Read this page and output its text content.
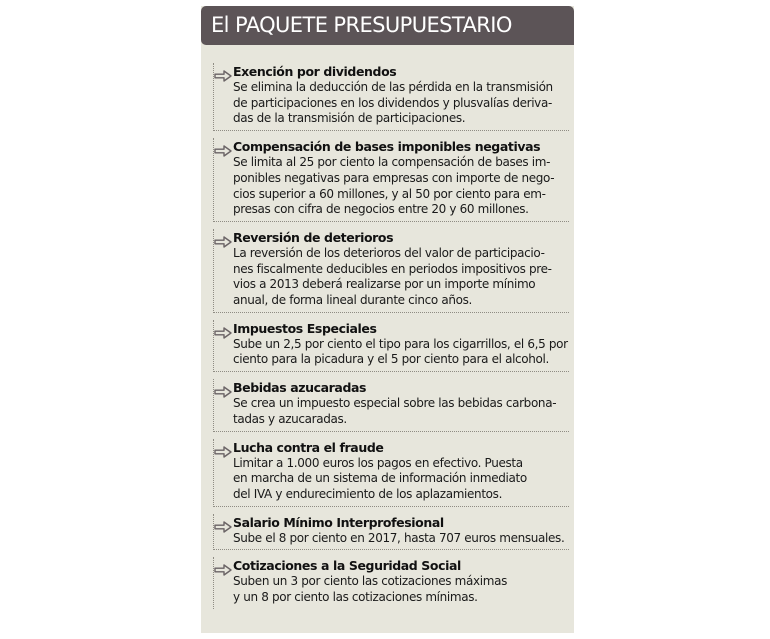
El PAQUETE PRESUPUESTARIO
Exención por dividendos
Se elimina la deducción de las pérdida en la transmisión
de participaciones en los dividendos y plusvalías deriva-
das de la transmisión de participaciones.
Compensación de bases imponibles negativas
Se limita al 25 por ciento la compensación de bases im-
ponibles negativas para empresas con importe de nego-
cios superior a 60 millones, y al 50 por ciento para em-
presas con cifra de negocios entre 20 y 60 millones.
Reversión de deterioros
La reversión de los deterioros del valor de participacio-
nes fiscalmente deducibles en periodos impositivos pre-
vios a 2013 deberá realizarse por un importe mínimo
anual, de forma lineal durante cinco años.
Impuestos Especiales
Sube un 2,5 por ciento el tipo para los cigarrillos, el 6,5 por
ciento para la picadura y el 5 por ciento para el alcohol.
Bebidas azucaradas
Se crea un impuesto especial sobre las bebidas carbona-
tadas y azucaradas.
Lucha contra el fraude
Limitar a 1.000 euros los pagos en efectivo. Puesta
en marcha de un sistema de información inmediato
del IVA y endurecimiento de los aplazamientos.
Salario Mínimo Interprofesional
Sube el 8 por ciento en 2017, hasta 707 euros mensuales.
Cotizaciones a la Seguridad Social
Suben un 3 por ciento las cotizaciones máximas
y un 8 por ciento las cotizaciones mínimas.
